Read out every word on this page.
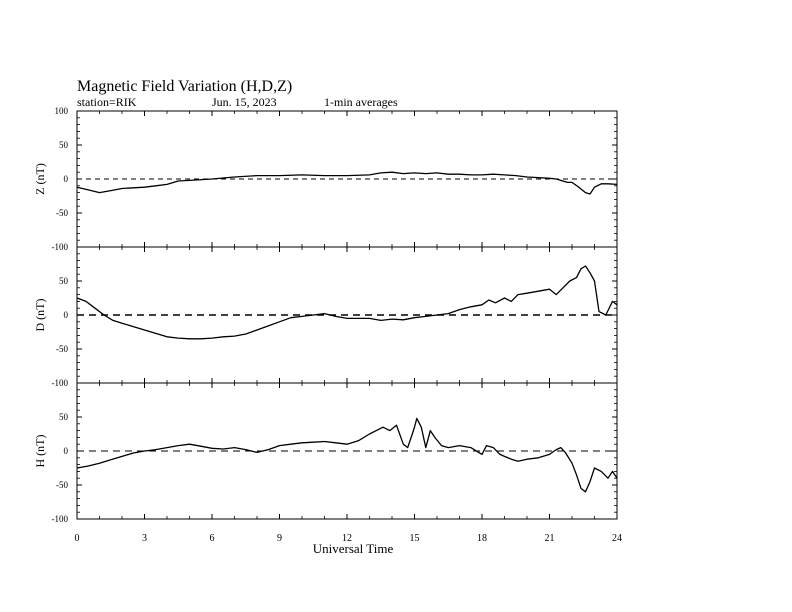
Magnetic Field Variation (H,D,Z)
station=RIK	Jun. 15, 2023	1-min averages
-100
-50
0
50
100
Z (nT)
-100
-50
0
50
D (nT)
-100
-50
0
50
H (nT)
0	3	6	9	12	15	18	21	24
Universal Time
